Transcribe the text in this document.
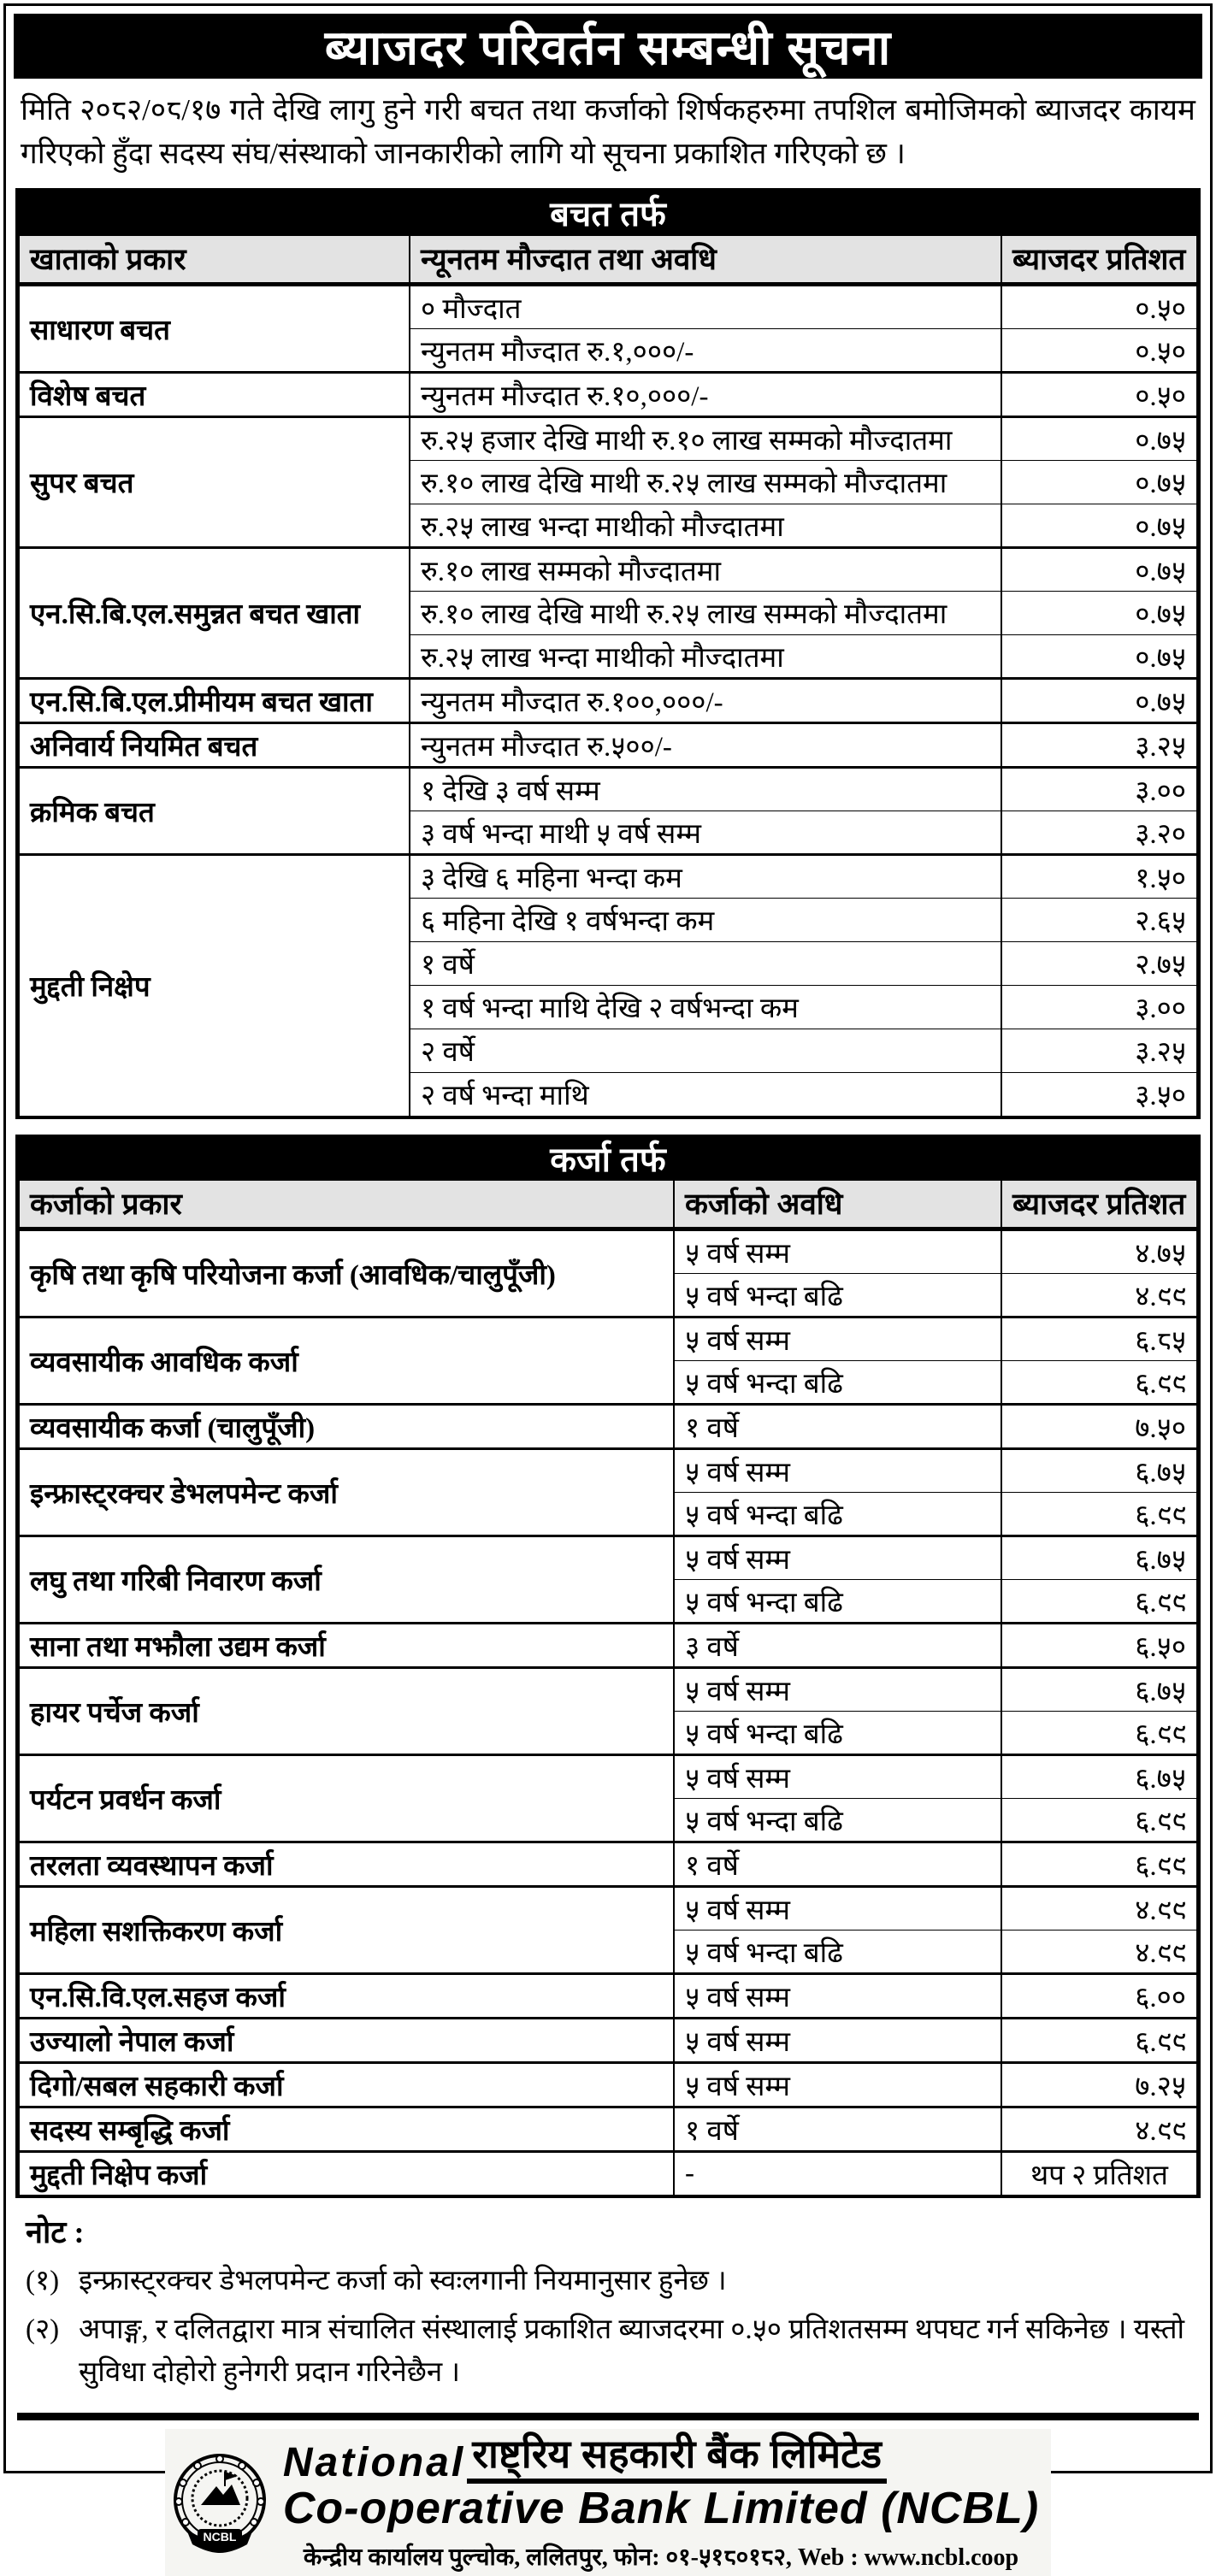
ब्याजदर परिवर्तन सम्बन्धी सूचना
मिति २०८२/०८/१७ गते देखि लागु हुने गरी बचत तथा कर्जाको शिर्षकहरुमा तपशिल बमोजिमको ब्याजदर कायम गरिएको हुँदा सदस्य संघ/संस्थाको जानकारीको लागि यो सूचना प्रकाशित गरिएको छ ।
बचत तर्फ
खाताको प्रकार	न्यूनतम मौज्दात तथा अवधि	ब्याजदर प्रतिशत
साधारण बचत	० मौज्दात	०.५०
	न्युनतम मौज्दात रु.१,०००/-	०.५०
विशेष बचत	न्युनतम मौज्दात रु.१०,०००/-	०.५०
सुपर बचत	रु.२५ हजार देखि माथी रु.१० लाख सम्मको मौज्दातमा	०.७५
	रु.१० लाख देखि माथी रु.२५ लाख सम्मको मौज्दातमा	०.७५
	रु.२५ लाख भन्दा माथीको मौज्दातमा	०.७५
एन.सि.बि.एल.समुन्नत बचत खाता	रु.१० लाख सम्मको मौज्दातमा	०.७५
	रु.१० लाख देखि माथी रु.२५ लाख सम्मको मौज्दातमा	०.७५
	रु.२५ लाख भन्दा माथीको मौज्दातमा	०.७५
एन.सि.बि.एल.प्रीमीयम बचत खाता	न्युनतम मौज्दात रु.१००,०००/-	०.७५
अनिवार्य नियमित बचत	न्युनतम मौज्दात रु.५००/-	३.२५
क्रमिक बचत	१ देखि ३ वर्ष सम्म	३.००
	३ वर्ष भन्दा माथी ५ वर्ष सम्म	३.२०
मुद्दती निक्षेप	३ देखि ६ महिना भन्दा कम	१.५०
	६ महिना देखि १ वर्षभन्दा कम	२.६५
	१ वर्षे	२.७५
	१ वर्ष भन्दा माथि देखि २ वर्षभन्दा कम	३.००
	२ वर्षे	३.२५
	२ वर्ष भन्दा माथि	३.५०
कर्जा तर्फ
कर्जाको प्रकार	कर्जाको अवधि	ब्याजदर प्रतिशत
कृषि तथा कृषि परियोजना कर्जा (आवधिक/चालुपूँजी)	५ वर्ष सम्म	४.७५
	५ वर्ष भन्दा बढि	४.९९
व्यवसायीक आवधिक कर्जा	५ वर्ष सम्म	६.८५
	५ वर्ष भन्दा बढि	६.९९
व्यवसायीक कर्जा (चालुपूँजी)	१ वर्षे	७.५०
इन्फ्रास्ट्रक्चर डेभलपमेन्ट कर्जा	५ वर्ष सम्म	६.७५
	५ वर्ष भन्दा बढि	६.९९
लघु तथा गरिबी निवारण कर्जा	५ वर्ष सम्म	६.७५
	५ वर्ष भन्दा बढि	६.९९
साना तथा मझौला उद्यम कर्जा	३ वर्षे	६.५०
हायर पर्चेज कर्जा	५ वर्ष सम्म	६.७५
	५ वर्ष भन्दा बढि	६.९९
पर्यटन प्रवर्धन कर्जा	५ वर्ष सम्म	६.७५
	५ वर्ष भन्दा बढि	६.९९
तरलता व्यवस्थापन कर्जा	१ वर्षे	६.९९
महिला सशक्तिकरण कर्जा	५ वर्ष सम्म	४.९९
	५ वर्ष भन्दा बढि	४.९९
एन.सि.वि.एल.सहज कर्जा	५ वर्ष सम्म	६.००
उज्यालो नेपाल कर्जा	५ वर्ष सम्म	६.९९
दिगो/सबल सहकारी कर्जा	५ वर्ष सम्म	७.२५
सदस्य सम्बृद्धि कर्जा	१ वर्षे	४.९९
मुद्दती निक्षेप कर्जा	-	थप २ प्रतिशत
नोट :
(१) इन्फ्रास्ट्रक्चर डेभलपमेन्ट कर्जा को स्वःलगानी नियमानुसार हुनेछ ।
(२) अपाङ्ग, र दलितद्वारा मात्र संचालित संस्थालाई प्रकाशित ब्याजदरमा ०.५० प्रतिशतसम्म थपघट गर्न सकिनेछ । यस्तो सुविधा दोहोरो हुनेगरी प्रदान गरिनेछैन ।
NCBL
National राष्ट्रिय सहकारी बैंक लिमिटेड
Co-operative Bank Limited (NCBL)
केन्द्रीय कार्यालय पुल्चोक, ललितपुर, फोन: ०१-५१८०१८२, Web : www.ncbl.coop
